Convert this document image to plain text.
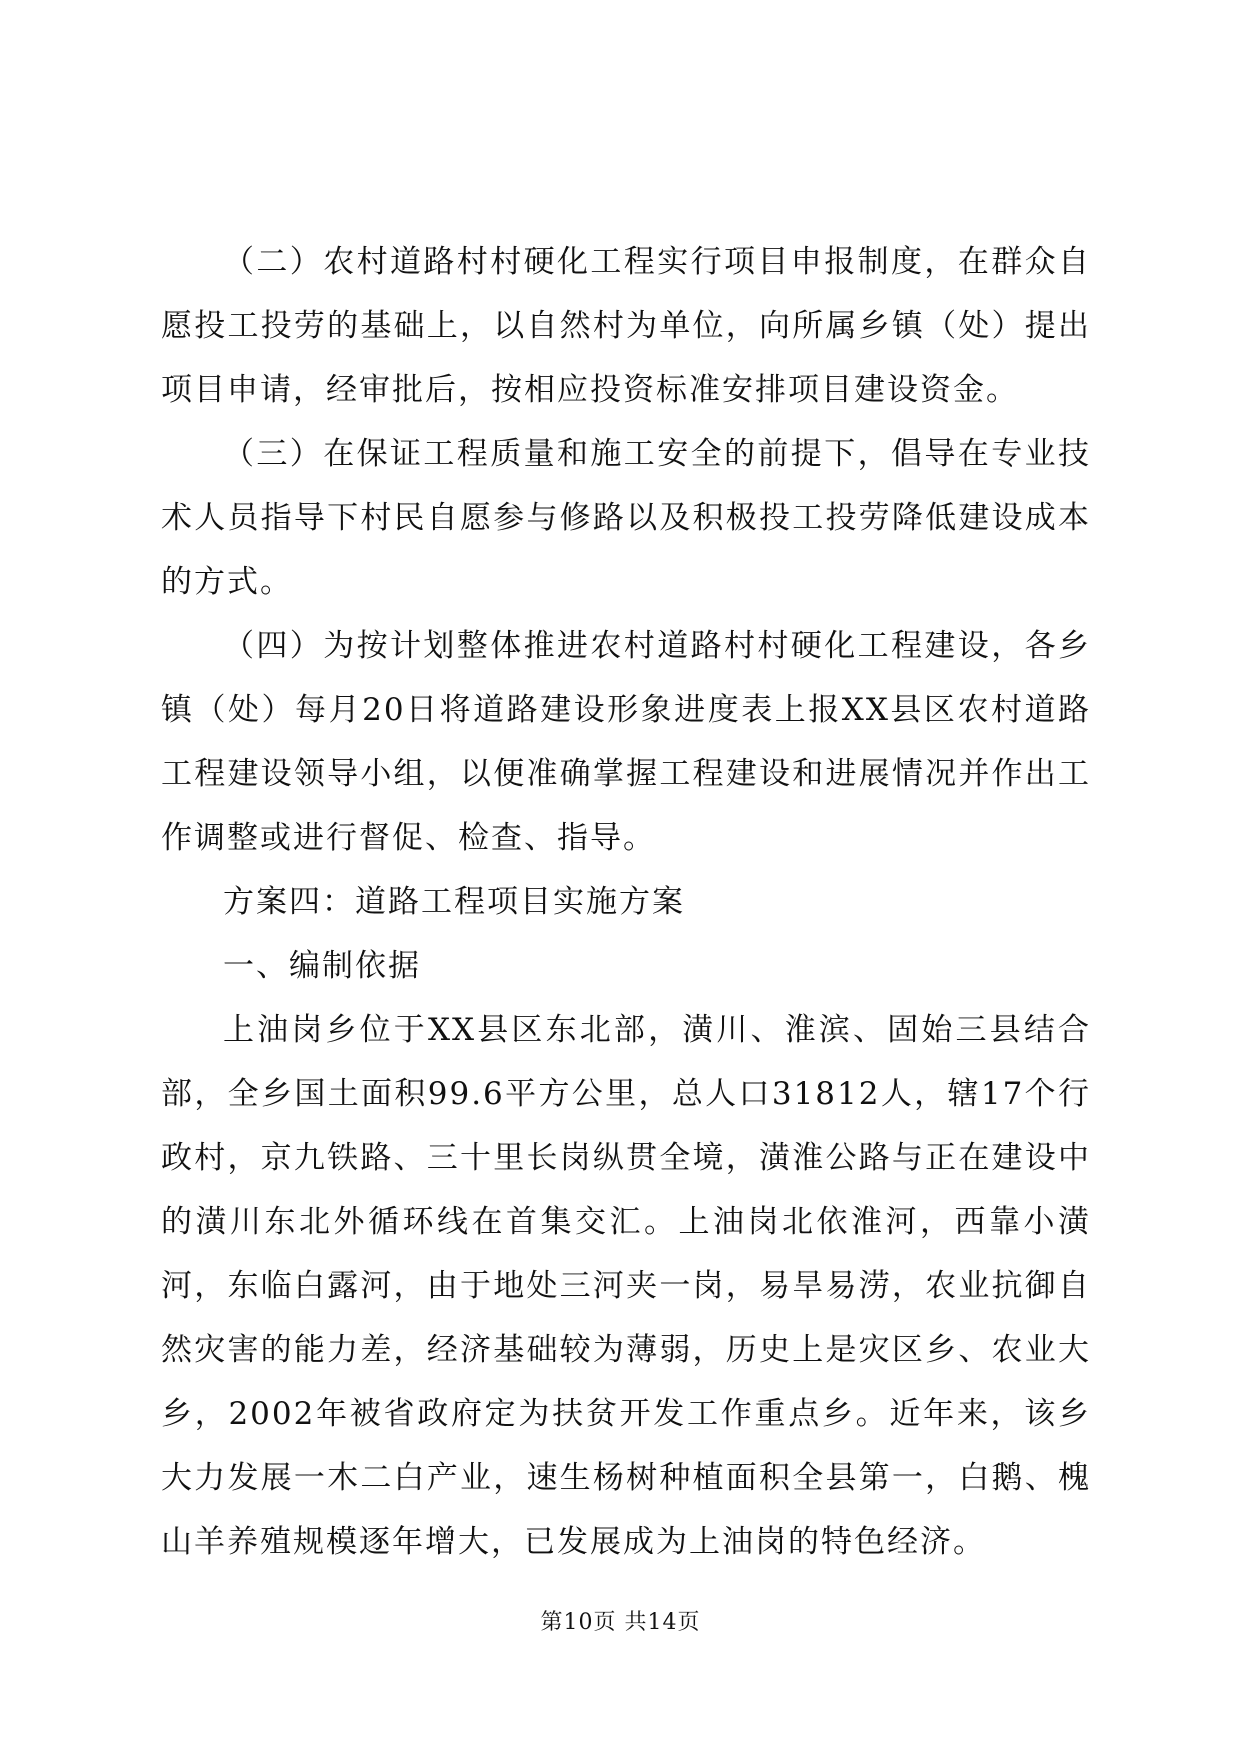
（二）农村道路村村硬化工程实行项目申报制度，在群众自愿投工投劳的基础上，以自然村为单位，向所属乡镇（处）提出项目申请，经审批后，按相应投资标准安排项目建设资金。

（三）在保证工程质量和施工安全的前提下，倡导在专业技术人员指导下村民自愿参与修路以及积极投工投劳降低建设成本的方式。

（四）为按计划整体推进农村道路村村硬化工程建设，各乡镇（处）每月20日将道路建设形象进度表上报XX县区农村道路工程建设领导小组，以便准确掌握工程建设和进展情况并作出工作调整或进行督促、检查、指导。

方案四：道路工程项目实施方案

一、编制依据

上油岗乡位于XX县区东北部，潢川、淮滨、固始三县结合部，全乡国土面积99.6平方公里，总人口31812人，辖17个行政村，京九铁路、三十里长岗纵贯全境，潢淮公路与正在建设中的潢川东北外循环线在首集交汇。上油岗北依淮河，西靠小潢河，东临白露河，由于地处三河夹一岗，易旱易涝，农业抗御自然灾害的能力差，经济基础较为薄弱，历史上是灾区乡、农业大乡，2002年被省政府定为扶贫开发工作重点乡。近年来，该乡大力发展一木二白产业，速生杨树种植面积全县第一，白鹅、槐山羊养殖规模逐年增大，已发展成为上油岗的特色经济。

第10页 共14页
